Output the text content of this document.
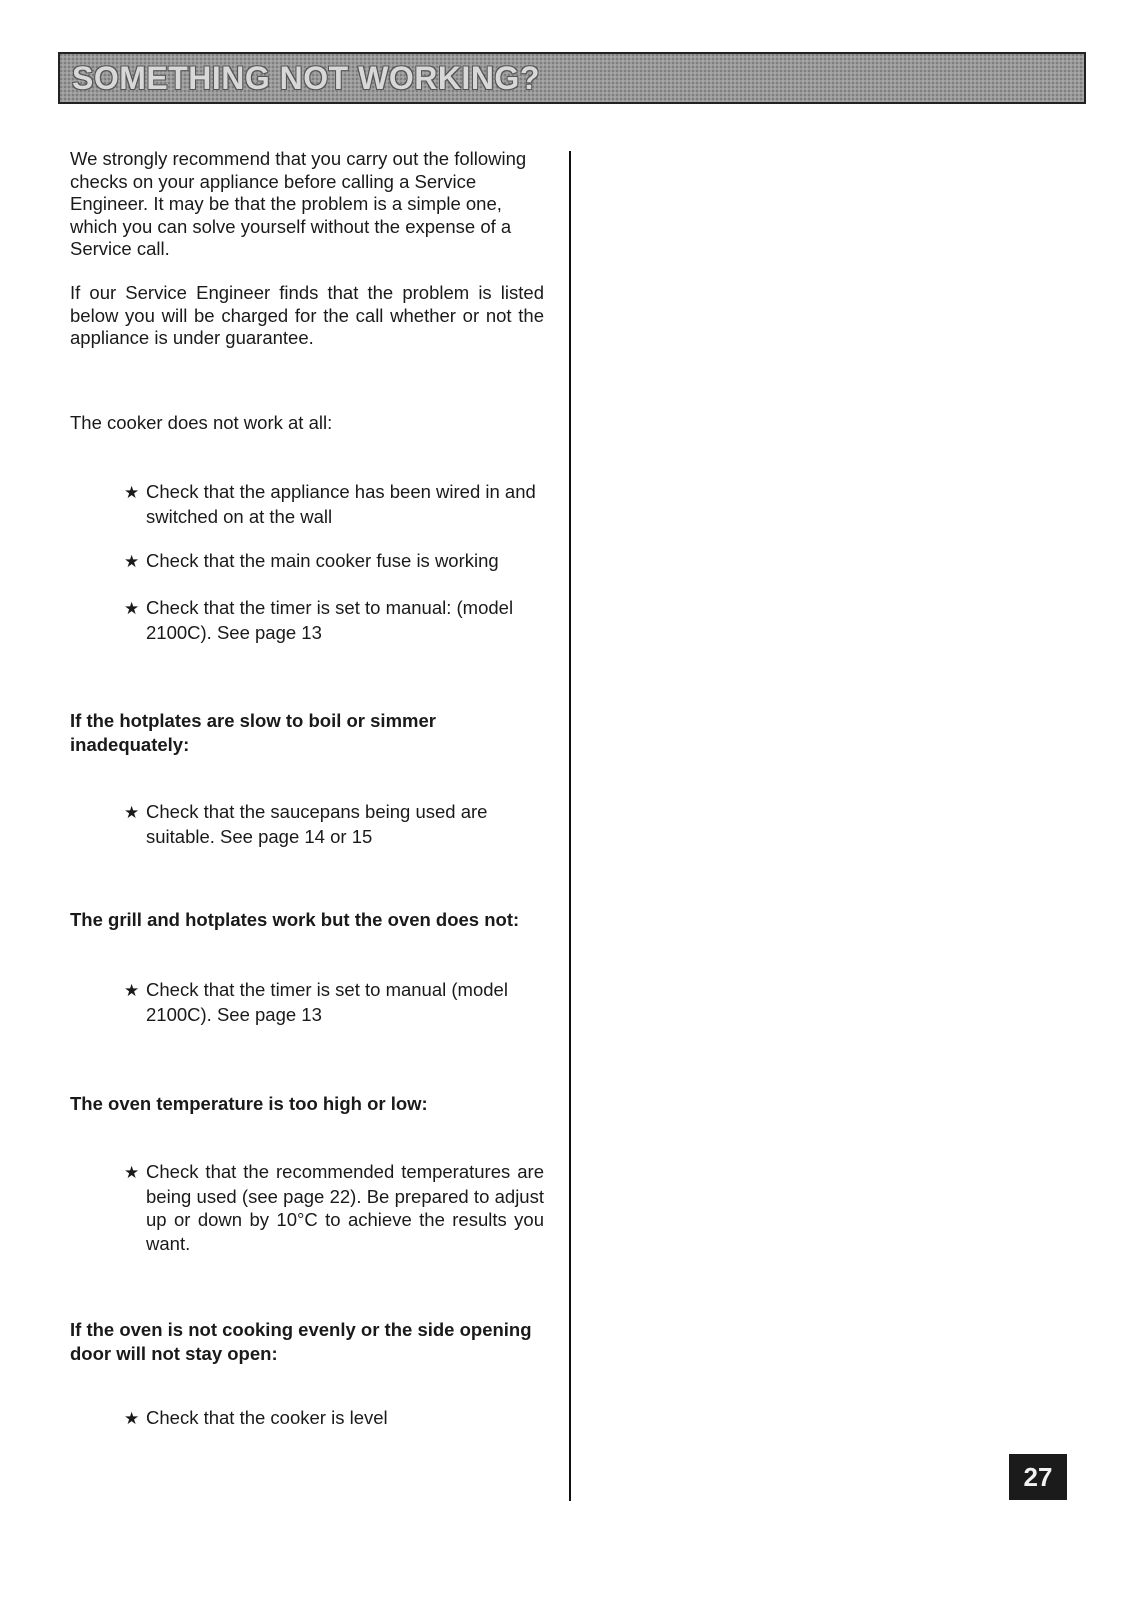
SOMETHING NOT WORKING?

We strongly recommend that you carry out the following checks on your appliance before calling a Service Engineer. It may be that the problem is a simple one, which you can solve yourself without the expense of a Service call.

If our Service Engineer finds that the problem is listed below you will be charged for the call whether or not the appliance is under guarantee.

The cooker does not work at all:
★ Check that the appliance has been wired in and switched on at the wall
★ Check that the main cooker fuse is working
★ Check that the timer is set to manual: (model 2100C). See page 13
If the hotplates are slow to boil or simmer inadequately:
★ Check that the saucepans being used are suitable. See page 14 or 15
The grill and hotplates work but the oven does not:
★ Check that the timer is set to manual (model 2100C). See page 13
The oven temperature is too high or low:
★ Check that the recommended temperatures are being used (see page 22). Be prepared to adjust up or down by 10°C to achieve the results you want.
If the oven is not cooking evenly or the side opening door will not stay open:
★ Check that the cooker is level
27
